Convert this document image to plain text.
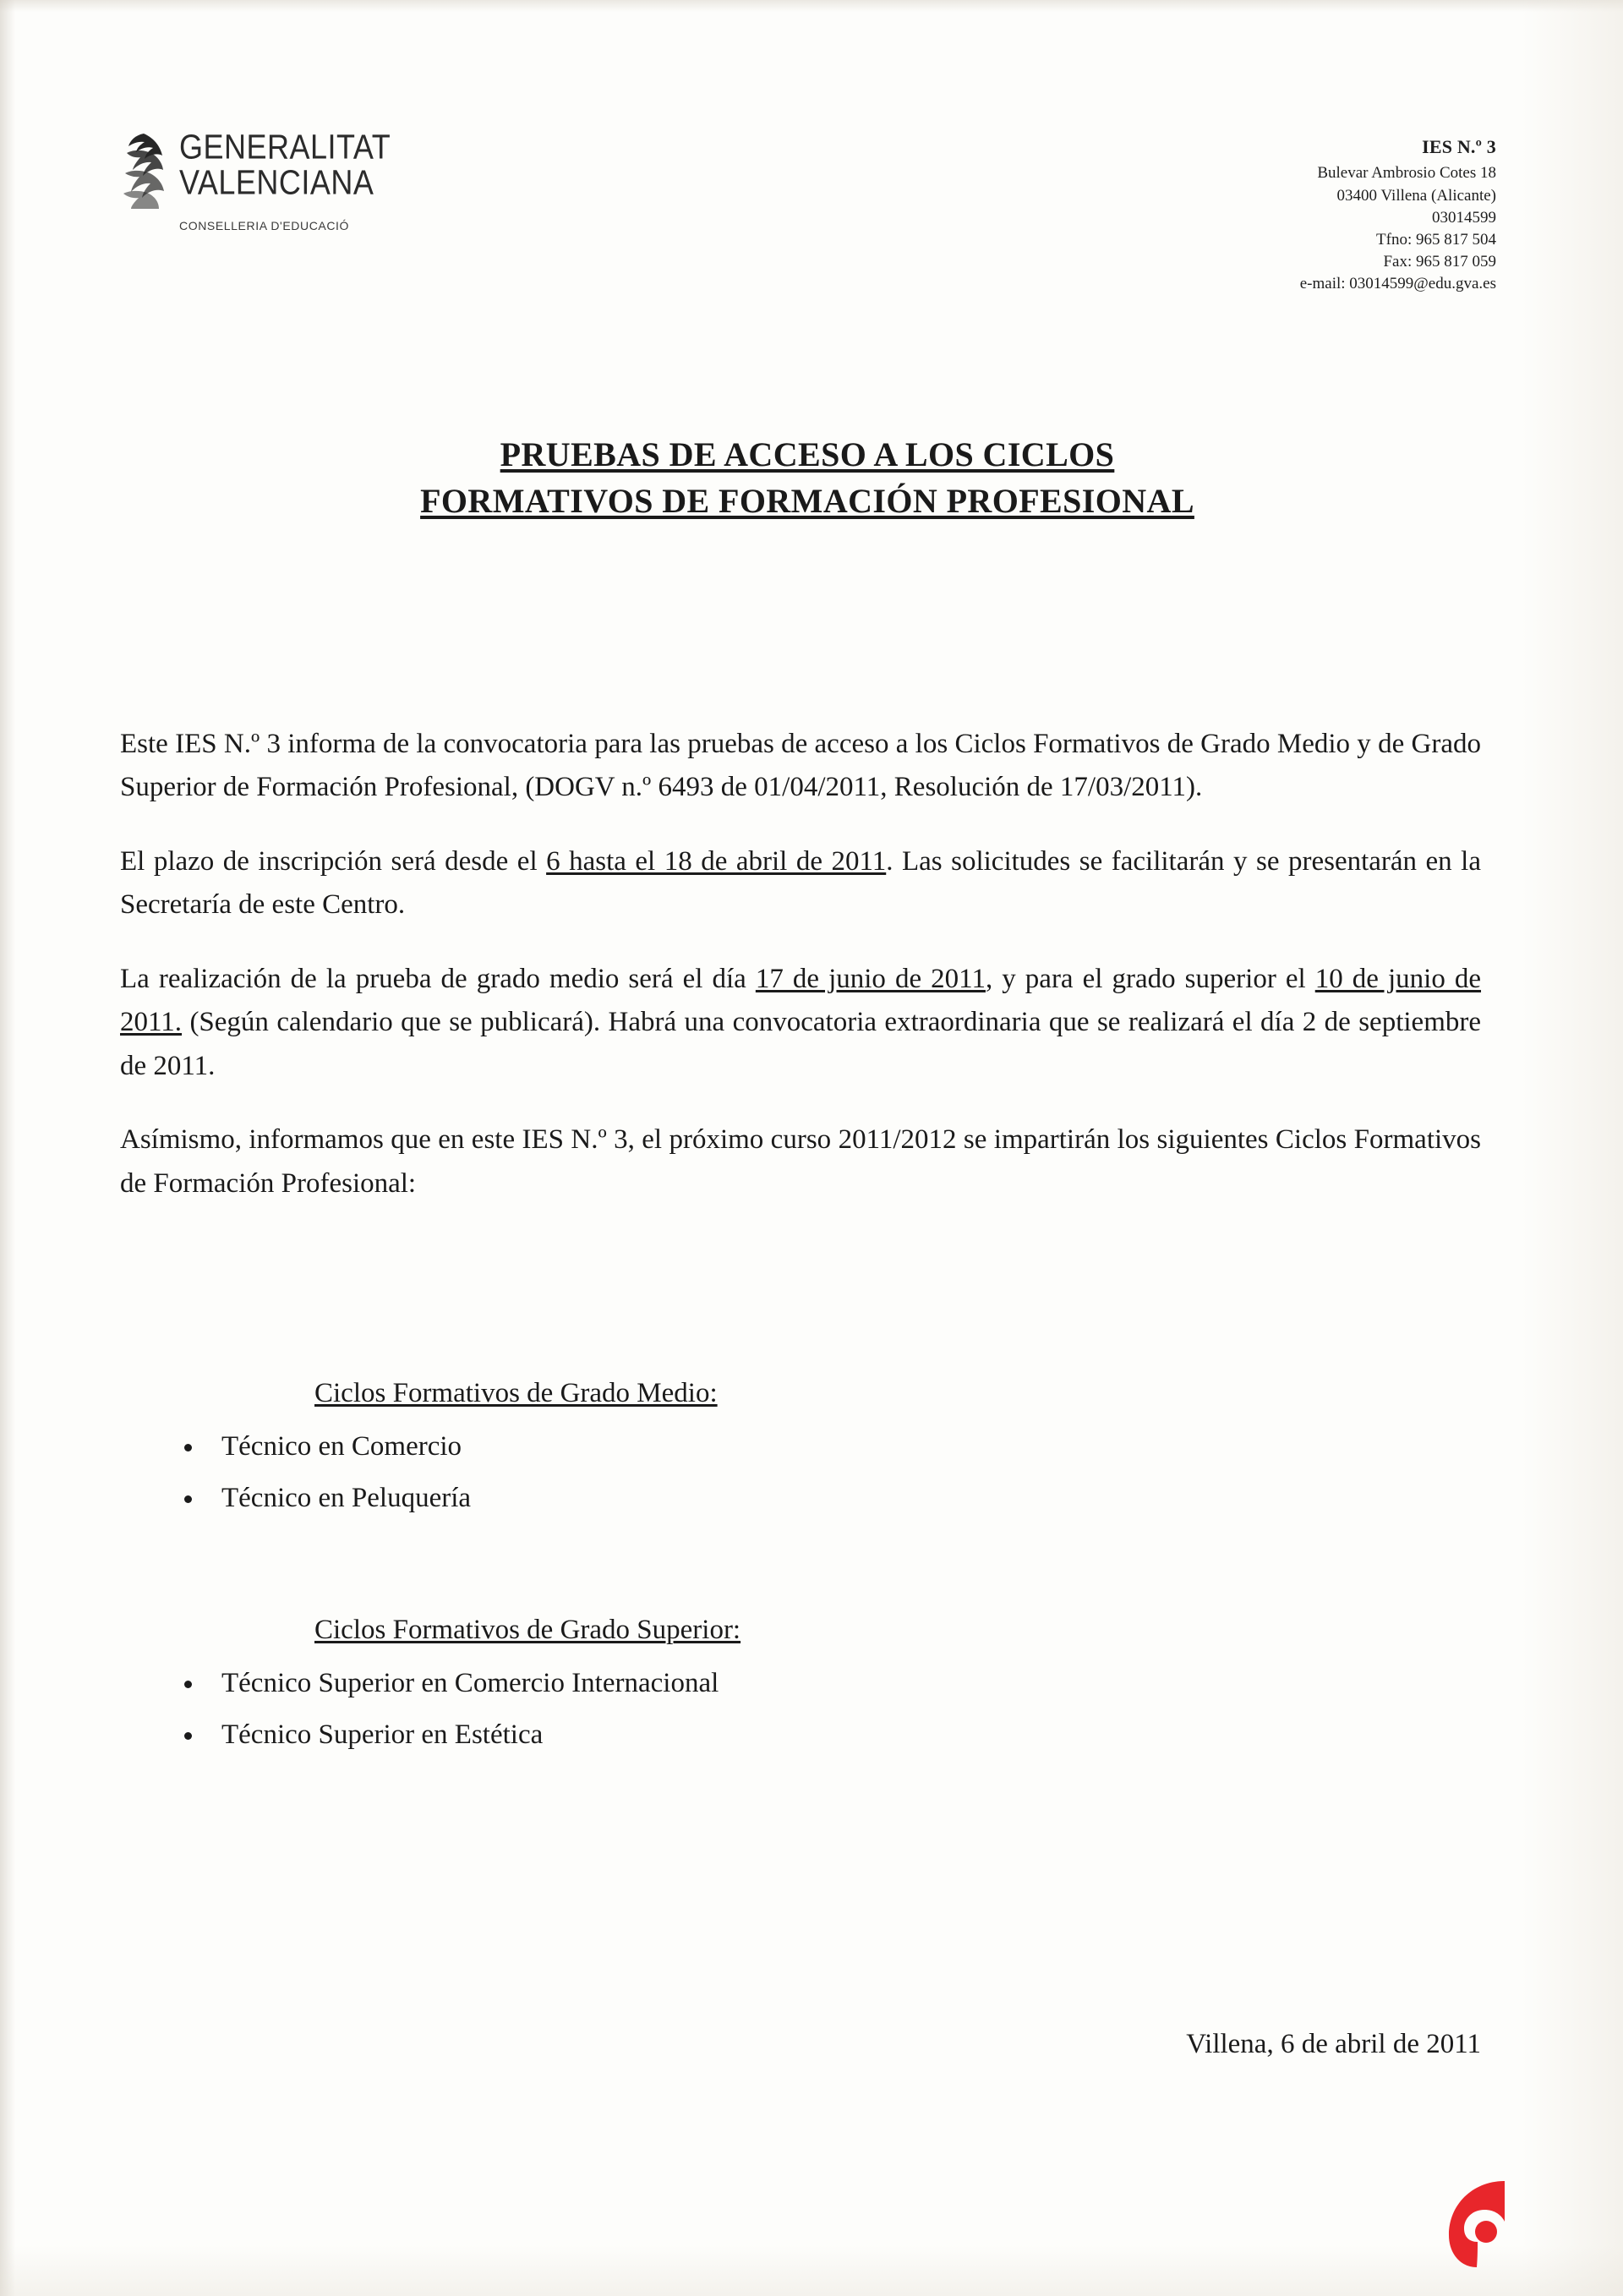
GENERALITAT
VALENCIANA
CONSELLERIA D'EDUCACIÓ
IES N.º 3
Bulevar Ambrosio Cotes 18
03400 Villena (Alicante)
03014599
Tfno: 965 817 504
Fax: 965 817 059
e-mail: 03014599@edu.gva.es
PRUEBAS DE ACCESO A LOS CICLOS
FORMATIVOS DE FORMACIÓN PROFESIONAL

Este IES N.º 3 informa de la convocatoria para las pruebas de acceso a los Ciclos Formativos de Grado Medio y de Grado Superior de Formación Profesional, (DOGV n.º 6493 de 01/04/2011, Resolución de 17/03/2011).

El plazo de inscripción será desde el 6 hasta el 18 de abril de 2011. Las solicitudes se facilitarán y se presentarán en la Secretaría de este Centro.

La realización de la prueba de grado medio será el día 17 de junio de 2011, y para el grado superior el 10 de junio de 2011. (Según calendario que se publicará). Habrá una convocatoria extraordinaria que se realizará el día 2 de septiembre de 2011.

Asímismo, informamos que en este IES N.º 3, el próximo curso 2011/2012 se impartirán los siguientes Ciclos Formativos de Formación Profesional:

Ciclos Formativos de Grado Medio:
Técnico en Comercio
Técnico en Peluquería
Ciclos Formativos de Grado Superior:
Técnico Superior en Comercio Internacional
Técnico Superior en Estética
Villena, 6 de abril de 2011
